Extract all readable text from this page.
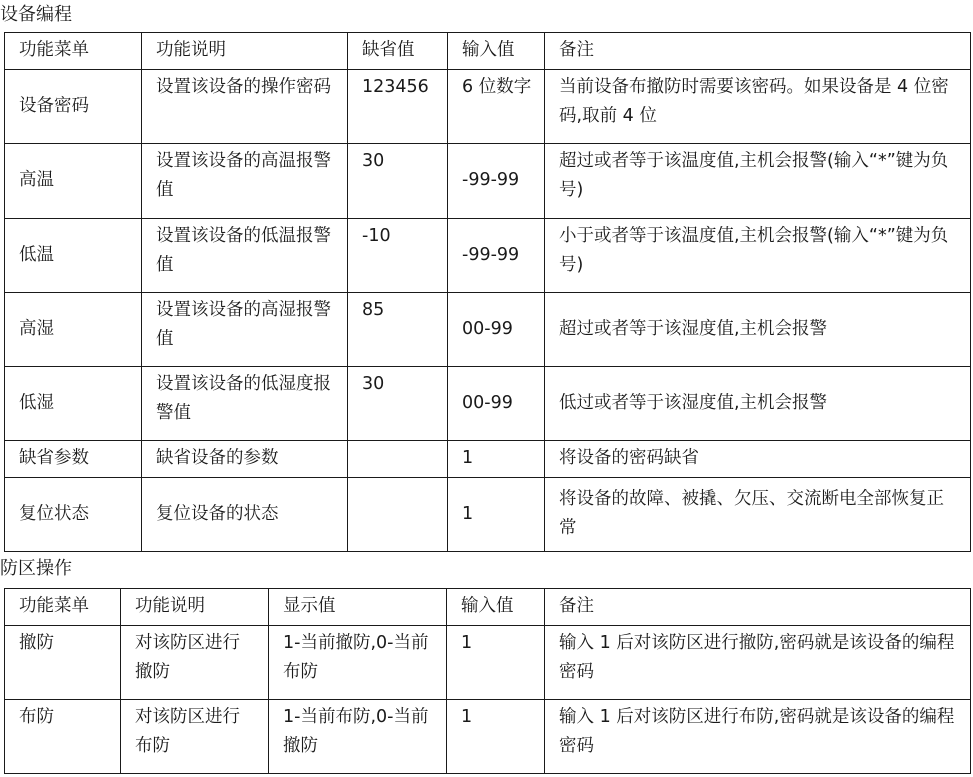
设备编程
功能菜单	功能说明	缺省值	输入值	备注
设备密码	设置该设备的操作密码	123456	6 位数字	当前设备布撤防时需要该密码。如果设备是 4 位密码,取前 4 位
高温	设置该设备的高温报警值	30	-99-99	超过或者等于该温度值,主机会报警(输入“*”键为负号)
低温	设置该设备的低温报警值	-10	-99-99	小于或者等于该温度值,主机会报警(输入“*”键为负号)
高湿	设置该设备的高湿报警值	85	00-99	超过或者等于该湿度值,主机会报警
低湿	设置该设备的低湿度报警值	30	00-99	低过或者等于该湿度值,主机会报警
缺省参数	缺省设备的参数		1	将设备的密码缺省
复位状态	复位设备的状态		1	将设备的故障、被撬、欠压、交流断电全部恢复正常
防区操作
功能菜单	功能说明	显示值	输入值	备注
撤防	对该防区进行撤防	1-当前撤防,0-当前布防	1	输入 1 后对该防区进行撤防,密码就是该设备的编程密码
布防	对该防区进行布防	1-当前布防,0-当前撤防	1	输入 1 后对该防区进行布防,密码就是该设备的编程密码
